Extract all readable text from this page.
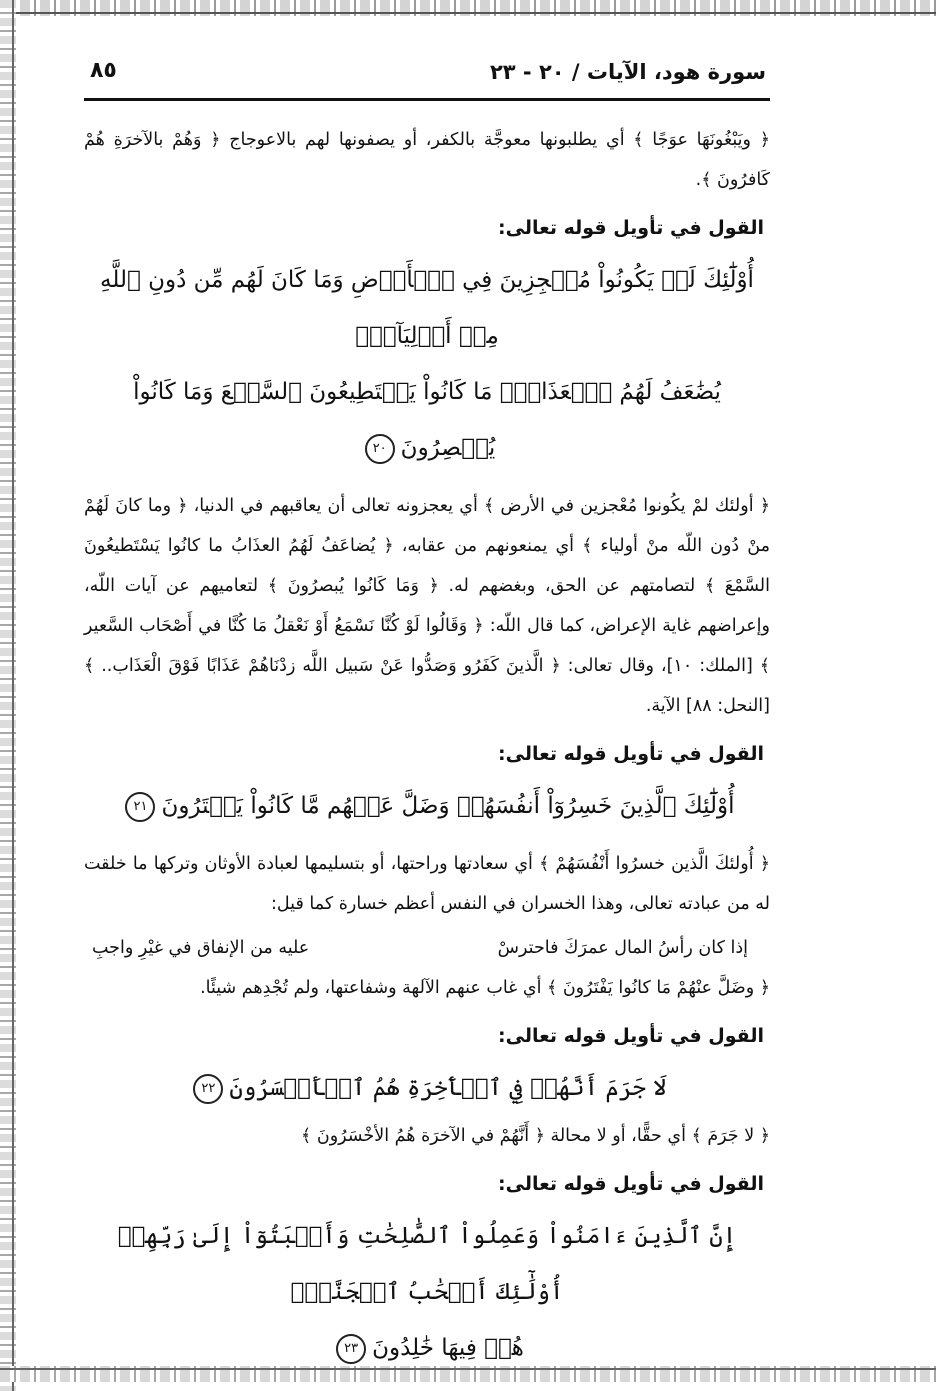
٨٥	سورة هود، الآيات / ٢٠ - ٢٣

﴿ ويَبْغُونَهَا عوَجًا ﴾ أي يطلبونها معوجَّة بالكفر، أو يصفونها لهم بالاعوجاج ﴿ وَهُمْ بالآخرَةِ هُمْ كَافرُونَ ﴾.

القول في تأويل قوله تعالى:
أُوْلَٰٓئِكَ لَمۡ يَكُونُواْ مُعۡجِزِينَ فِي ٱلۡأَرۡضِ وَمَا كَانَ لَهُم مِّن دُونِ ٱللَّهِ مِنۡ أَوۡلِيَآءَۘ
يُضَٰعَفُ لَهُمُ ٱلۡعَذَابُۚ مَا كَانُواْ يَسۡتَطِيعُونَ ٱلسَّمۡعَ وَمَا كَانُواْ يُبۡصِرُونَ٢٠

﴿ أولئك لمْ يكُونوا مُعْجزين في الأرض ﴾ أي يعجزونه تعالى أن يعاقبهم في الدنيا، ﴿ وما كانَ لَهُمْ منْ دُون اللّه منْ أولياء ﴾ أي يمنعونهم من عقابه، ﴿ يُضاعَفُ لَهُمُ العذَابُ ما كانُوا يَسْتَطيعُونَ السَّمْعَ ﴾ لتصامتهم عن الحق، وبغضهم له. ﴿ وَمَا كَانُوا يُبصرُونَ ﴾ لتعاميهم عن آيات اللّه، وإعراضهم غاية الإعراض، كما قال اللّه: ﴿ وَقَالُوا لَوْ كُنَّا نَسْمَعُ أَوْ نَعْقلُ مَا كُنَّا في أَصْحَاب السَّعير ﴾ [الملك: ١٠]، وقال تعالى: ﴿ الَّذينَ كَفَرُو وَصَدُّوا عَنْ سَبيل اللَّه زدْنَاهُمْ عَذَابًا فَوْقَ الْعَذَاب.. ﴾ [النحل: ٨٨] الآية.

القول في تأويل قوله تعالى:
أُوْلَٰٓئِكَ ٱلَّذِينَ خَسِرُوٓاْ أَنفُسَهُمۡ وَضَلَّ عَنۡهُم مَّا كَانُواْ يَفۡتَرُونَ٢١

﴿ أُولئكَ الَّذين خسرُوا أَنْفُسَهُمْ ﴾ أي سعادتها وراحتها، أو بتسليمها لعبادة الأوثان وتركها ما خلقت له من عبادته تعالى، وهذا الخسران في النفس أعظم خسارة كما قيل:

إذا كان رأسُ المال عمرَكَ فاحترسْ
عليه من الإنفاق في غيْرِ واجبِ

﴿ وضَلَّ عنْهُمْ مَا كانُوا يَفْتَرُونَ ﴾ أي غاب عنهم الآلهة وشفاعتها، ولم تُجْدِهم شيئًا.

القول في تأويل قوله تعالى:
لَا جَرَمَ أَنَّهُمۡ فِي ٱلۡأٓخِرَةِ هُمُ ٱلۡأَخۡسَرُونَ٢٢

﴿ لا جَرَمَ ﴾ أي حقًّا، أو لا محالة ﴿ أَنَّهُمْ في الآخرَة هُمُ الأخْسَرُونَ ﴾

القول في تأويل قوله تعالى:
إِنَّ ٱلَّذِينَ ءَامَنُواْ وَعَمِلُواْ ٱلصَّٰلِحَٰتِ وَأَخۡبَتُوٓاْ إِلَىٰ رَبِّهِمۡ أُوْلَٰٓئِكَ أَصۡحَٰبُ ٱلۡجَنَّةِۖ
هُمۡ فِيهَا خَٰلِدُونَ٢٣
